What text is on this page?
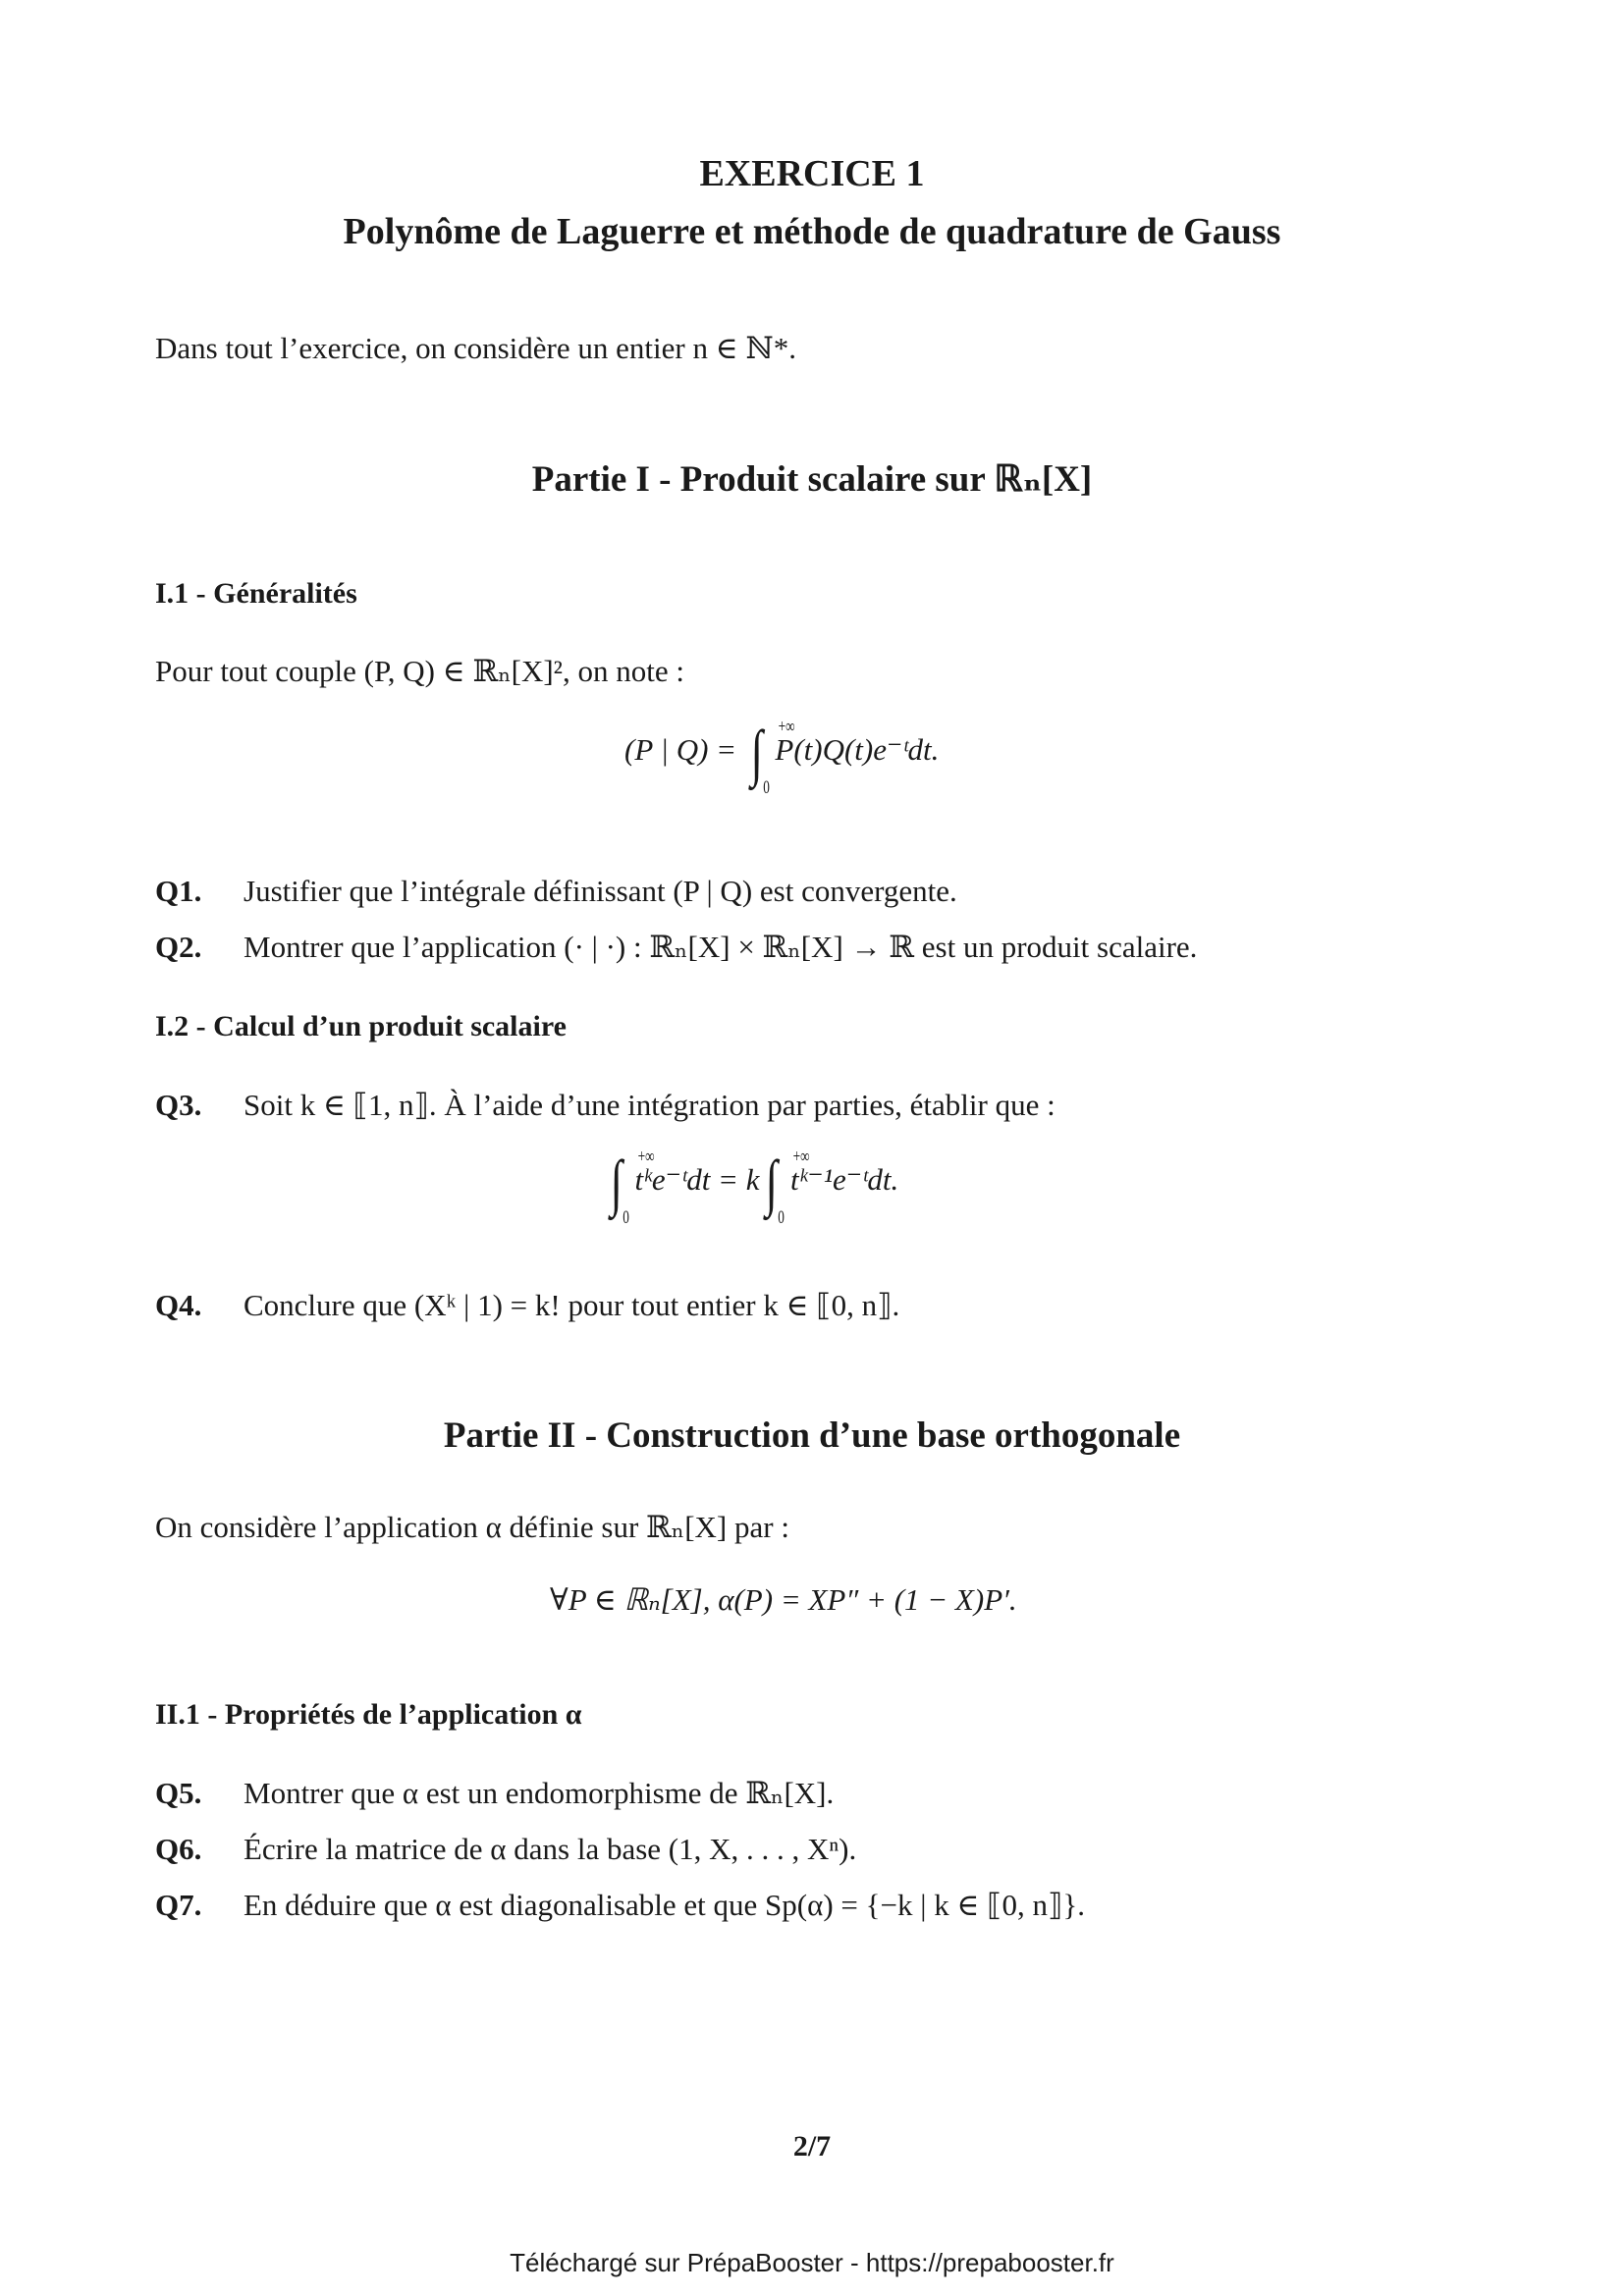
EXERCICE 1
Polynôme de Laguerre et méthode de quadrature de Gauss
Dans tout l’exercice, on considère un entier n ∈ ℕ*.
Partie I - Produit scalaire sur ℝₙ[X]
I.1 - Généralités
Pour tout couple (P, Q) ∈ ℝₙ[X]², on note :
(P | Q) = ∫ +∞
0
P(t)Q(t)e⁻ᵗdt.
Q1. Justifier que l’intégrale définissant (P | Q) est convergente.
Q2. Montrer que l’application (· | ·) : ℝₙ[X] × ℝₙ[X] → ℝ est un produit scalaire.
I.2 - Calcul d’un produit scalaire
Q3. Soit k ∈ ⟦1, n⟧. À l’aide d’une intégration par parties, établir que :
∫ +∞
0
tᵏe⁻ᵗdt = k ∫ +∞
0
tᵏ⁻¹e⁻ᵗdt.
Q4. Conclure que (Xᵏ | 1) = k! pour tout entier k ∈ ⟦0, n⟧.
Partie II - Construction d’une base orthogonale
On considère l’application α définie sur ℝₙ[X] par :
∀P ∈ ℝₙ[X], α(P) = XP″ + (1 − X)P′.
II.1 - Propriétés de l’application α
Q5. Montrer que α est un endomorphisme de ℝₙ[X].
Q6. Écrire la matrice de α dans la base (1, X, . . . , Xⁿ).
Q7. En déduire que α est diagonalisable et que Sp(α) = {−k | k ∈ ⟦0, n⟧}.
2/7
Téléchargé sur PrépaBooster - https://prepabooster.fr
